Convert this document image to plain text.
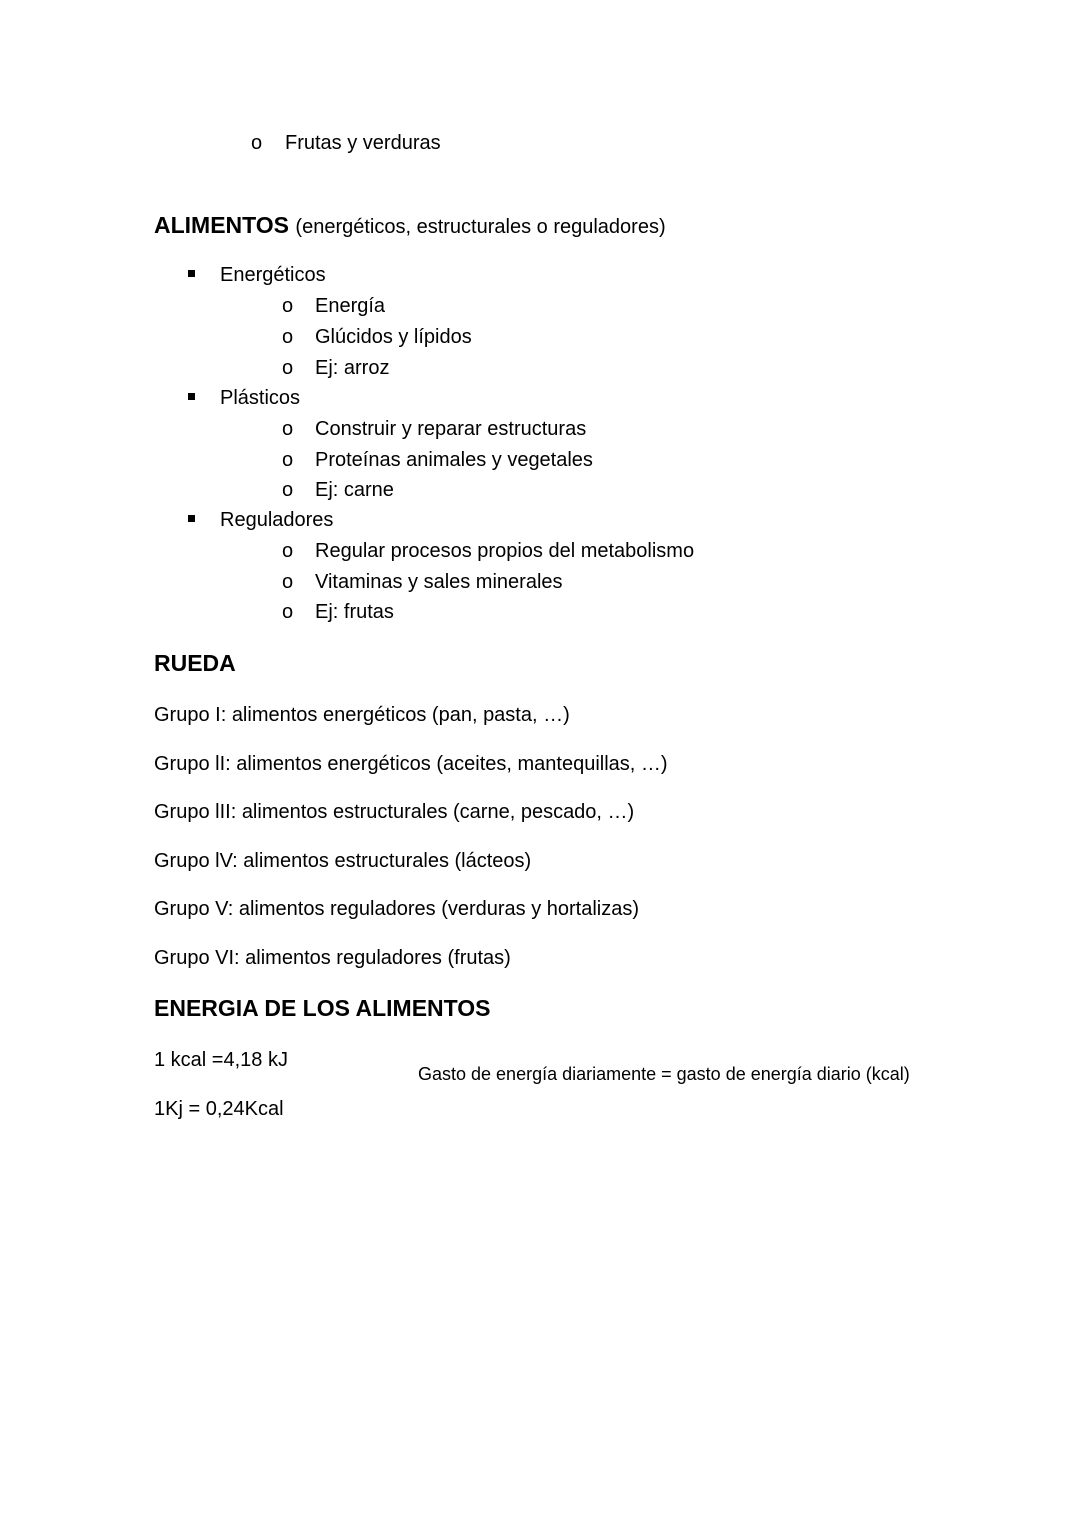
o Frutas y verduras
ALIMENTOS (energéticos, estructurales o reguladores)
Energéticos
o Energía
o Glúcidos y lípidos
o Ej: arroz
Plásticos
o Construir y reparar estructuras
o Proteínas animales y vegetales
o Ej: carne
Reguladores
o Regular procesos propios del metabolismo
o Vitaminas y sales minerales
o Ej: frutas
RUEDA
Grupo I: alimentos energéticos (pan, pasta, …)
Grupo lI: alimentos energéticos (aceites, mantequillas, …)
Grupo lII: alimentos estructurales (carne, pescado, …)
Grupo lV: alimentos estructurales (lácteos)
Grupo V: alimentos reguladores (verduras y hortalizas)
Grupo VI: alimentos reguladores (frutas)
ENERGIA DE LOS ALIMENTOS
1 kcal =4,18 kJ
Gasto de energía diariamente = gasto de energía diario (kcal)
1Kj = 0,24Kcal
